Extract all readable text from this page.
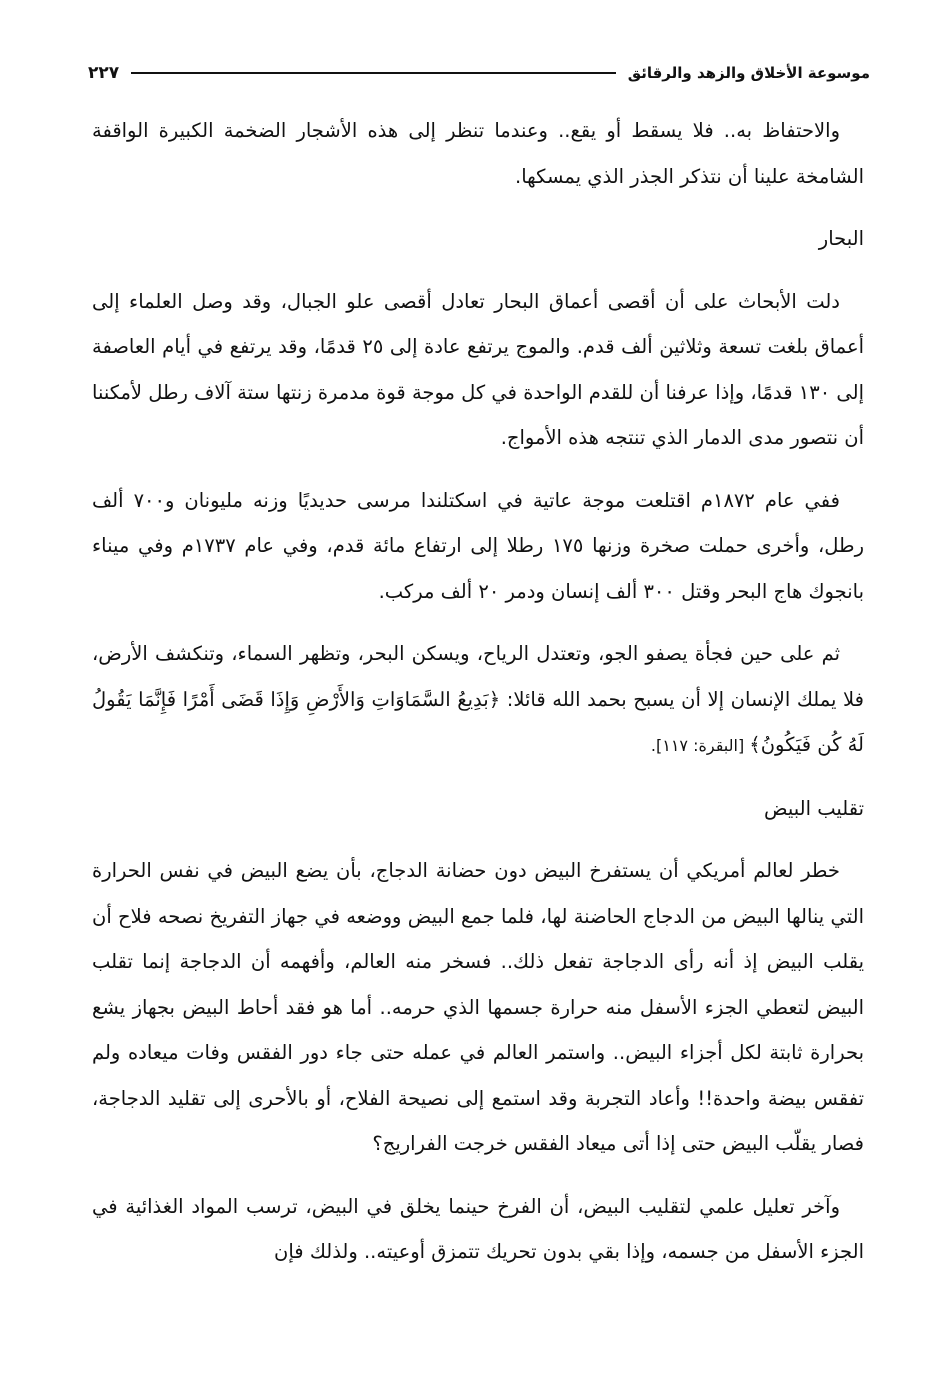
موسوعة الأخلاق والزهد والرقائق
٢٢٧

والاحتفاظ به.. فلا يسقط أو يقع.. وعندما تنظر إلى هذه الأشجار الضخمة الكبيرة الواقفة الشامخة علينا أن نتذكر الجذر الذي يمسكها.

البحار

دلت الأبحاث على أن أقصى أعماق البحار تعادل أقصى علو الجبال، وقد وصل العلماء إلى أعماق بلغت تسعة وثلاثين ألف قدم. والموج يرتفع عادة إلى ٢٥ قدمًا، وقد يرتفع في أيام العاصفة إلى ١٣٠ قدمًا، وإذا عرفنا أن للقدم الواحدة في كل موجة قوة مدمرة زنتها ستة آلاف رطل لأمكننا أن نتصور مدى الدمار الذي تنتجه هذه الأمواج.

ففي عام ١٨٧٢م اقتلعت موجة عاتية في اسكتلندا مرسى حديديًا وزنه مليونان و٧٠٠ ألف رطل، وأخرى حملت صخرة وزنها ١٧٥ رطلا إلى ارتفاع مائة قدم، وفي عام ١٧٣٧م وفي ميناء بانجوك هاج البحر وقتل ٣٠٠ ألف إنسان ودمر ٢٠ ألف مركب.

ثم على حين فجأة يصفو الجو، وتعتدل الرياح، ويسكن البحر، وتظهر السماء، وتنكشف الأرض، فلا يملك الإنسان إلا أن يسبح بحمد الله قائلا: ﴿بَدِيعُ السَّمَاوَاتِ وَالأَرْضِ وَإِذَا قَضَى أَمْرًا فَإِنَّمَا يَقُولُ لَهُ كُن فَيَكُونُ﴾ [البقرة: ١١٧].

تقليب البيض

خطر لعالم أمريكي أن يستفرخ البيض دون حضانة الدجاج، بأن يضع البيض في نفس الحرارة التي ينالها البيض من الدجاج الحاضنة لها، فلما جمع البيض ووضعه في جهاز التفريخ نصحه فلاح أن يقلب البيض إذ أنه رأى الدجاجة تفعل ذلك.. فسخر منه العالم، وأفهمه أن الدجاجة إنما تقلب البيض لتعطي الجزء الأسفل منه حرارة جسمها الذي حرمه.. أما هو فقد أحاط البيض بجهاز يشع بحرارة ثابتة لكل أجزاء البيض.. واستمر العالم في عمله حتى جاء دور الفقس وفات ميعاده ولم تفقس بيضة واحدة!! وأعاد التجربة وقد استمع إلى نصيحة الفلاح، أو بالأحرى إلى تقليد الدجاجة، فصار يقلّب البيض حتى إذا أتى ميعاد الفقس خرجت الفراريج؟

وآخر تعليل علمي لتقليب البيض، أن الفرخ حينما يخلق في البيض، ترسب المواد الغذائية في الجزء الأسفل من جسمه، وإذا بقي بدون تحريك تتمزق أوعيته.. ولذلك فإن
